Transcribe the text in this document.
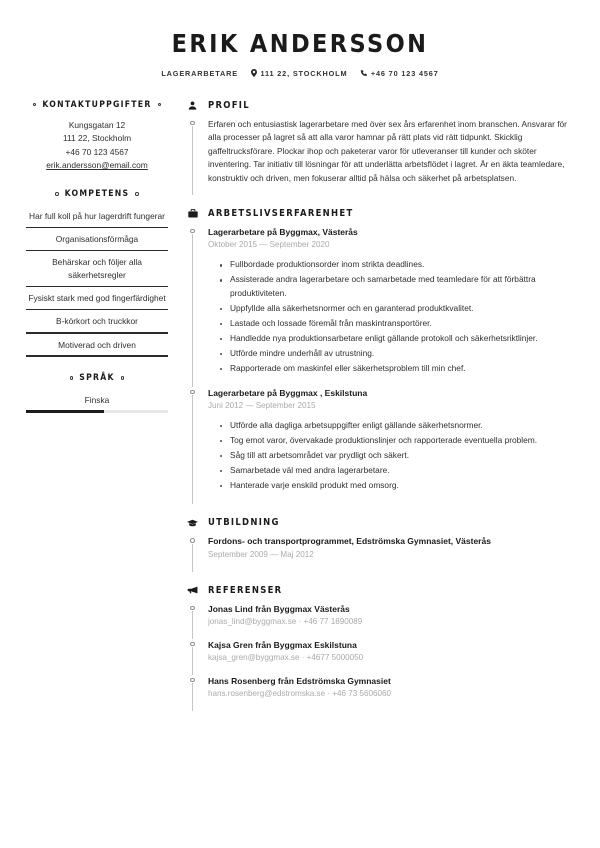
ERIK ANDERSSON
LAGERARBETARE	111 22, STOCKHOLM	+46 70 123 4567
KONTAKTUPPGIFTER
Kungsgatan 12
111 22, Stockholm
+46 70 123 4567
erik.andersson@email.com
KOMPETENS
Har full koll på hur lagerdrift fungerar
Organisationsförmåga
Behärskar och följer alla säkerhetsregler
Fysiskt stark med god fingerfärdighet
B-körkort och truckkor
Motiverad och driven
SPRÅK
Finska
PROFIL
Erfaren och entusiastisk lagerarbetare med över sex års erfarenhet inom branschen. Ansvarar för alla processer på lagret så att alla varor hamnar på rätt plats vid rätt tidpunkt. Skicklig gaffeltrucksförare. Plockar ihop och paketerar varor för utleveranser till kunder och sköter inventering. Tar initiativ till lösningar för att underlätta arbetsflödet i lagret. Är en äkta teamledare, konstruktiv och driven, men fokuserar alltid på hälsa och säkerhet på arbetsplatsen.
ARBETSLIVSERFARENHET
Lagerarbetare på Byggmax, Västerås
Oktober 2015 — September 2020
Fullbordade produktionsorder inom strikta deadlines.
Assisterade andra lagerarbetare och samarbetade med teamledare för att förbättra produktiviteten.
Uppfyllde alla säkerhetsnormer och en garanterad produktkvalitet.
Lastade och lossade föremål från maskintransportörer.
Handledde nya produktionsarbetare enligt gällande protokoll och säkerhetsriktlinjer.
Utförde mindre underhåll av utrustning.
Rapporterade om maskinfel eller säkerhetsproblem till min chef.
Lagerarbetare på Byggmax , Eskilstuna
Juni 2012 — September 2015
Utförde alla dagliga arbetsuppgifter enligt gällande säkerhetsnormer.
Tog emot varor, övervakade produktionslinjer och rapporterade eventuella problem.
Såg till att arbetsområdet var prydligt och säkert.
Samarbetade väl med andra lagerarbetare.
Hanterade varje enskild produkt med omsorg.
UTBILDNING
Fordons- och transportprogrammet, Edströmska Gymnasiet, Västerås
September 2009 — Maj 2012
REFERENSER
Jonas Lind från Byggmax Västerås
jonas_lind@byggmax.se · +46 77 1890089
Kajsa Gren från Byggmax Eskilstuna
kajsa_gren@byggmax.se · +4677 5000050
Hans Rosenberg från Edströmska Gymnasiet
hans.rosenberg@edstromska.se · +46 73 5606060
